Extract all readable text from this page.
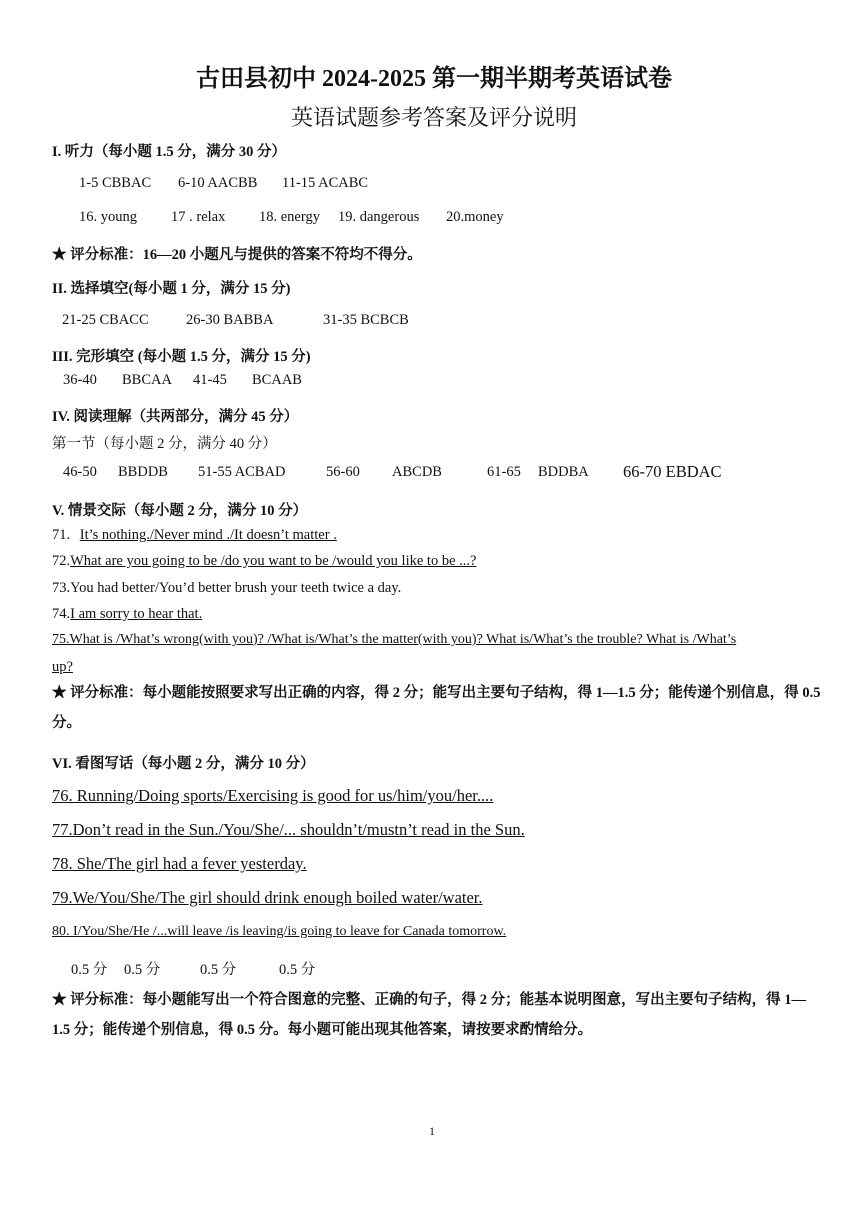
古田县初中 2024-2025 第一期半期考英语试卷
英语试题参考答案及评分说明
I. 听力（每小题 1.5 分，满分 30 分）
1-5 CBBAC 6-10 AACBB 11-15 ACABC
16. young 17 . relax 18. energy 19. dangerous 20.money
★ 评分标准：16—20 小题凡与提供的答案不符均不得分。
II. 选择填空(每小题 1 分，满分 15 分)
21-25 CBACC	26-30 BABBA	31-35 BCBCB
III. 完形填空 (每小题 1.5 分，满分 15 分)
36-40 BBCAA 41-45 BCAAB
IV. 阅读理解（共两部分，满分 45 分）
第一节（每小题 2 分，满分 40 分）
46-50 BBDDB 51-55 ACBAD	56-60 ABCDB	61-65 BDDBA 66-70 EBDAC
V. 情景交际（每小题 2 分，满分 10 分）
71. It’s nothing./Never mind ./It doesn’t matter .
72.What are you going to be /do you want to be /would you like to be ...?
73.You had better/You’d better brush your teeth twice a day.
74.I am sorry to hear that.
75.What is /What’s wrong(with you)? /What is/What’s the matter(with you)? What is/What’s the trouble? What is /What’s
up?
★ 评分标准：每小题能按照要求写出正确的内容，得 2 分；能写出主要句子结构，得 1—1.5 分；能传递个别信息，得 0.5 分。
VI. 看图写话（每小题 2 分，满分 10 分）
76. Running/Doing sports/Exercising is good for us/him/you/her....
77.Don’t read in the Sun./You/She/... shouldn’t/mustn’t read in the Sun.
78. She/The girl had a fever yesterday.
79.We/You/She/The girl should drink enough boiled water/water.
80. I/You/She/He /...will leave /is leaving/is going to leave for Canada tomorrow.
0.5 分 0.5 分	0.5 分	0.5 分
★ 评分标准：每小题能写出一个符合图意的完整、正确的句子，得 2 分；能基本说明图意，写出主要句子结构，得 1—1.5 分；能传递个别信息，得 0.5 分。每小题可能出现其他答案，请按要求酌情给分。
1
